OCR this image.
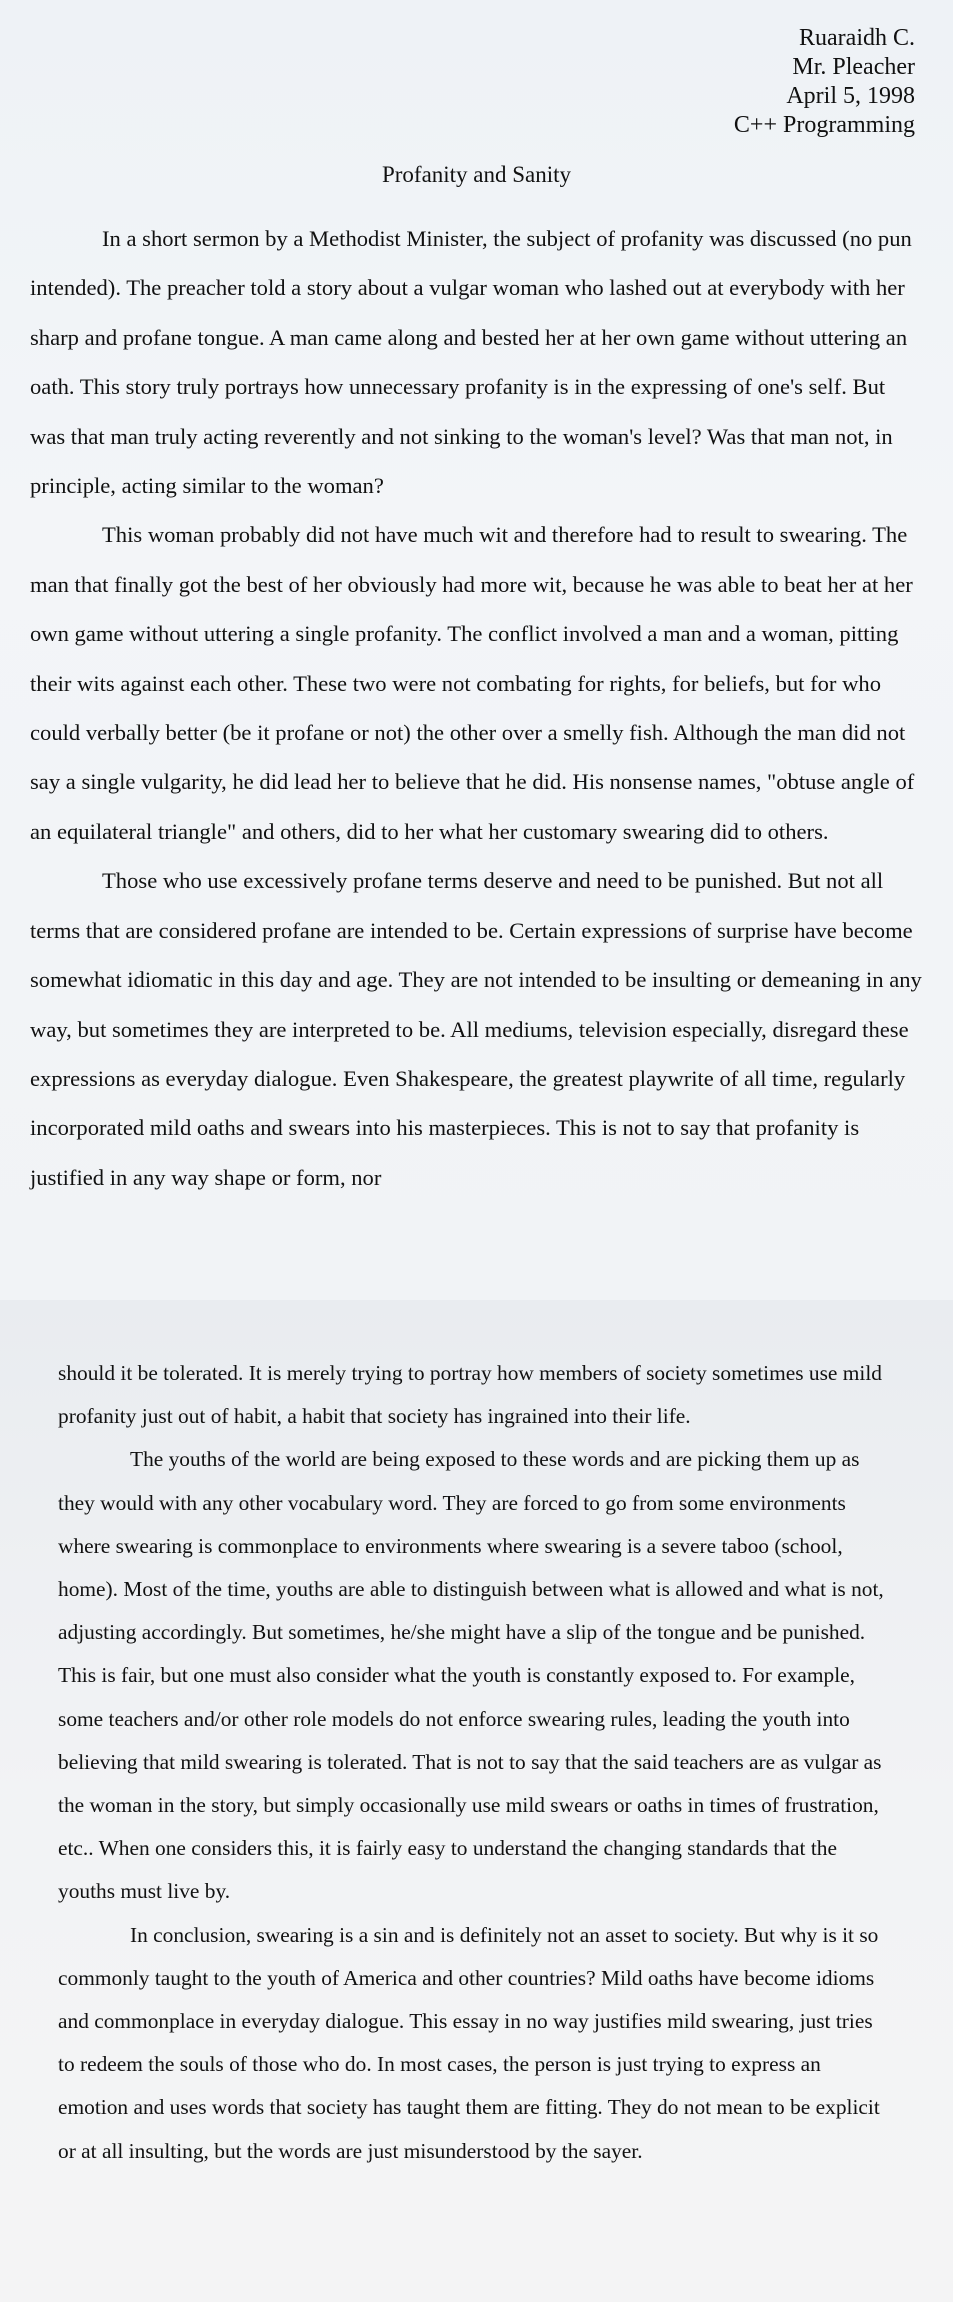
Ruaraidh C.
Mr. Pleacher
April 5, 1998
C++ Programming
Profanity and Sanity

In a short sermon by a Methodist Minister, the subject of profanity was discussed (no pun intended). The preacher told a story about a vulgar woman who lashed out at everybody with her sharp and profane tongue. A man came along and bested her at her own game without uttering an oath. This story truly portrays how unnecessary profanity is in the expressing of one's self. But was that man truly acting reverently and not sinking to the woman's level? Was that man not, in principle, acting similar to the woman?

This woman probably did not have much wit and therefore had to result to swearing. The man that finally got the best of her obviously had more wit, because he was able to beat her at her own game without uttering a single profanity. The conflict involved a man and a woman, pitting their wits against each other. These two were not combating for rights, for beliefs, but for who could verbally better (be it profane or not) the other over a smelly fish. Although the man did not say a single vulgarity, he did lead her to believe that he did. His nonsense names, "obtuse angle of an equilateral triangle" and others, did to her what her customary swearing did to others.

Those who use excessively profane terms deserve and need to be punished. But not all terms that are considered profane are intended to be. Certain expressions of surprise have become somewhat idiomatic in this day and age. They are not intended to be insulting or demeaning in any way, but sometimes they are interpreted to be. All mediums, television especially, disregard these expressions as everyday dialogue. Even Shakespeare, the greatest playwrite of all time, regularly incorporated mild oaths and swears into his masterpieces. This is not to say that profanity is justified in any way shape or form, nor

should it be tolerated. It is merely trying to portray how members of society sometimes use mild profanity just out of habit, a habit that society has ingrained into their life.

The youths of the world are being exposed to these words and are picking them up as they would with any other vocabulary word. They are forced to go from some environments where swearing is commonplace to environments where swearing is a severe taboo (school, home). Most of the time, youths are able to distinguish between what is allowed and what is not, adjusting accordingly. But sometimes, he/she might have a slip of the tongue and be punished. This is fair, but one must also consider what the youth is constantly exposed to. For example, some teachers and/or other role models do not enforce swearing rules, leading the youth into believing that mild swearing is tolerated. That is not to say that the said teachers are as vulgar as the woman in the story, but simply occasionally use mild swears or oaths in times of frustration, etc.. When one considers this, it is fairly easy to understand the changing standards that the youths must live by.

In conclusion, swearing is a sin and is definitely not an asset to society. But why is it so commonly taught to the youth of America and other countries? Mild oaths have become idioms and commonplace in everyday dialogue. This essay in no way justifies mild swearing, just tries to redeem the souls of those who do. In most cases, the person is just trying to express an emotion and uses words that society has taught them are fitting. They do not mean to be explicit or at all insulting, but the words are just misunderstood by the sayer.
